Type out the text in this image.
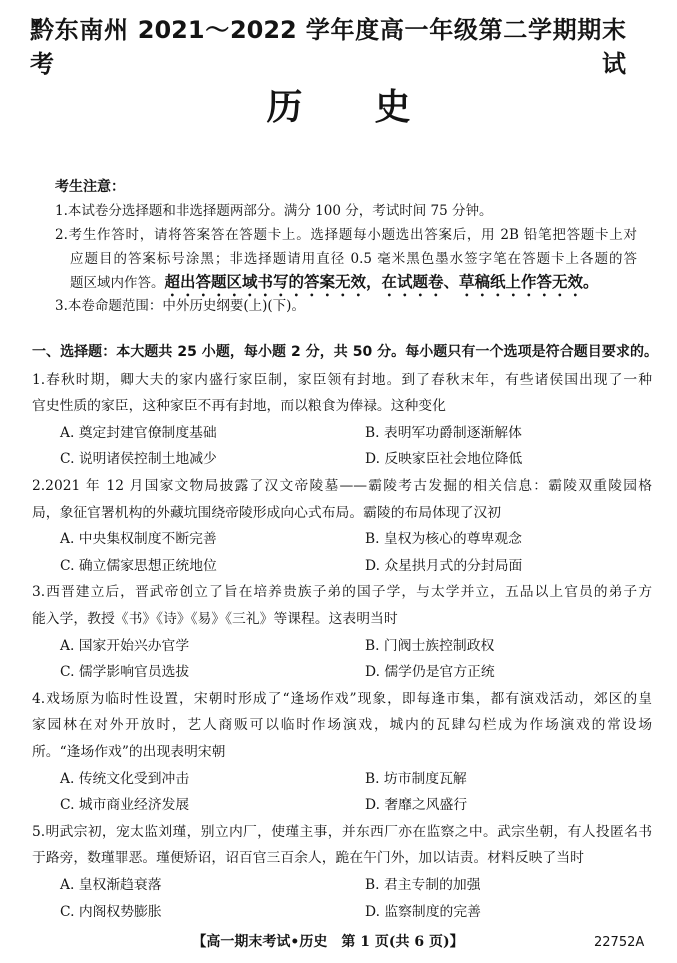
黔东南州 2021～2022 学年度高一年级第二学期期末考试
历　　史
考生注意：
1.本试卷分选择题和非选择题两部分。满分 100 分，考试时间 75 分钟。
2.考生作答时，请将答案答在答题卡上。选择题每小题选出答案后，用 2B 铅笔把答题卡上对
应题目的答案标号涂黑；非选择题请用直径 0.5 毫米黑色墨水签字笔在答题卡上各题的答
题区域内作答。超出答题区域书写的答案无效，在试题卷、草稿纸上作答无效。
3.本卷命题范围：中外历史纲要(上)(下)。
一、选择题：本大题共 25 小题，每小题 2 分，共 50 分。每小题只有一个选项是符合题目要求的。
1.春秋时期，卿大夫的家内盛行家臣制，家臣领有封地。到了春秋末年，有些诸侯国出现了一种
官史性质的家臣，这种家臣不再有封地，而以粮食为俸禄。这种变化
A. 奠定封建官僚制度基础	B. 表明军功爵制逐渐解体
C. 说明诸侯控制土地减少	D. 反映家臣社会地位降低
2.2021 年 12 月国家文物局披露了汉文帝陵墓——霸陵考古发掘的相关信息：霸陵双重陵园格
局，象征官署机构的外藏坑围绕帝陵形成向心式布局。霸陵的布局体现了汉初
A. 中央集权制度不断完善	B. 皇权为核心的尊卑观念
C. 确立儒家思想正统地位	D. 众星拱月式的分封局面
3.西晋建立后，晋武帝创立了旨在培养贵族子弟的国子学，与太学并立，五品以上官员的弟子方
能入学，教授《书》《诗》《易》《三礼》等课程。这表明当时
A. 国家开始兴办官学	B. 门阀士族控制政权
C. 儒学影响官员选拔	D. 儒学仍是官方正统
4.戏场原为临时性设置，宋朝时形成了“逢场作戏”现象，即每逢市集，都有演戏活动，郊区的皇
家园林在对外开放时，艺人商贩可以临时作场演戏，城内的瓦肆勾栏成为作场演戏的常设场
所。“逢场作戏”的出现表明宋朝
A. 传统文化受到冲击	B. 坊市制度瓦解
C. 城市商业经济发展	D. 奢靡之风盛行
5.明武宗初，宠太监刘瑾，别立内厂，使瑾主事，并东西厂亦在监察之中。武宗坐朝，有人投匿名书
于路旁，数瑾罪恶。瑾便矫诏，诏百官三百余人，跪在午门外，加以诘责。材料反映了当时
A. 皇权渐趋衰落	B. 君主专制的加强
C. 内阁权势膨胀	D. 监察制度的完善
【高一期末考试•历史　第 1 页(共 6 页)】	22752A
